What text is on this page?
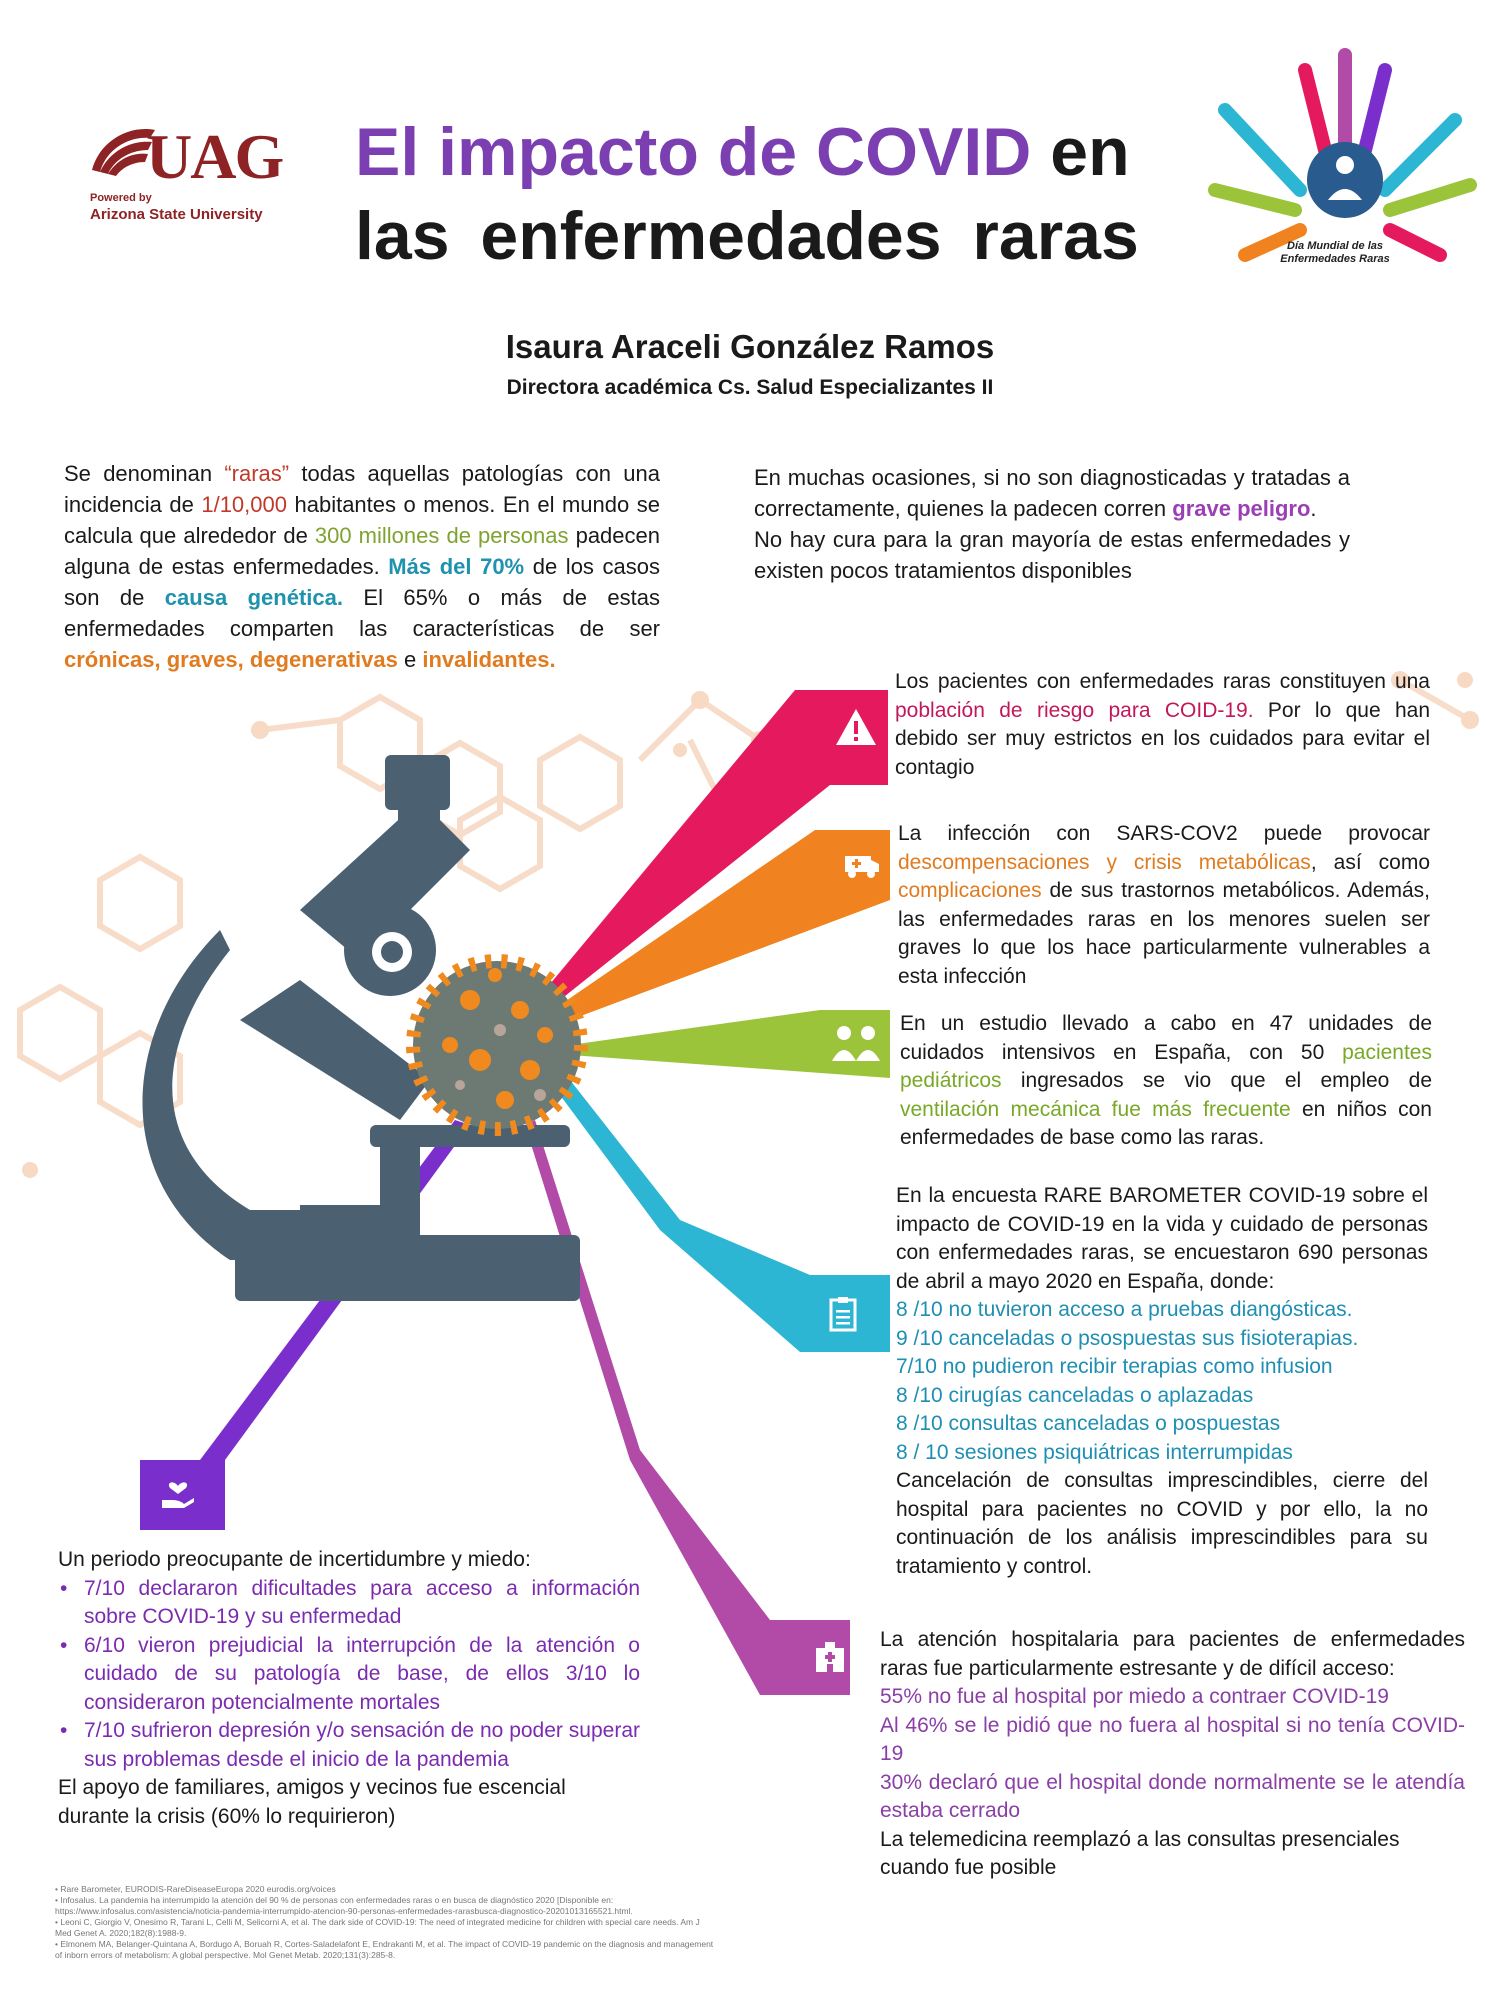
UAG
Powered by
Arizona State University
El impacto de COVID en
las enfermedades raras	Día Mundial de las
Enfermedades Raras
Isaura Araceli González Ramos
Directora académica Cs. Salud Especializantes II
Se denominan “raras” todas aquellas patologías con una incidencia de 1/10,000 habitantes o menos. En el mundo se calcula que alrededor de 300 millones de personas padecen alguna de estas enfermedades. Más del 70% de los casos son de causa genética. El 65% o más de estas enfermedades comparten las características de ser crónicas, graves, degenerativas e invalidantes.
En muchas ocasiones, si no son diagnosticadas y tratadas a correctamente, quienes la padecen corren grave peligro.
No hay cura para la gran mayoría de estas enfermedades y existen pocos tratamientos disponibles
Los pacientes con enfermedades raras constituyen una población de riesgo para COID-19. Por lo que han debido ser muy estrictos en los cuidados para evitar el contagio
La infección con SARS-COV2 puede provocar descompensaciones y crisis metabólicas, así como complicaciones de sus trastornos metabólicos. Además, las enfermedades raras en los menores suelen ser graves lo que los hace particularmente vulnerables a esta infección
En un estudio llevado a cabo en 47 unidades de cuidados intensivos en España, con 50 pacientes pediátricos ingresados se vio que el empleo de ventilación mecánica fue más frecuente en niños con enfermedades de base como las raras.
En la encuesta RARE BAROMETER COVID-19 sobre el impacto de COVID-19 en la vida y cuidado de personas con enfermedades raras, se encuestaron 690 personas de abril a mayo 2020 en España, donde:
8 /10 no tuvieron acceso a pruebas diangósticas.
9 /10 canceladas o psospuestas sus fisioterapias.
7/10 no pudieron recibir terapias como infusion
8 /10 cirugías canceladas o aplazadas
8 /10 consultas canceladas o pospuestas
8 / 10 sesiones psiquiátricas interrumpidas
Cancelación de consultas imprescindibles, cierre del hospital para pacientes no COVID y por ello, la no continuación de los análisis imprescindibles para su tratamiento y control.
La atención hospitalaria para pacientes de enfermedades raras fue particularmente estresante y de difícil acceso:
55% no fue al hospital por miedo a contraer COVID-19
Al 46% se le pidió que no fuera al hospital si no tenía COVID-19
30% declaró que el hospital donde normalmente se le atendía estaba cerrado
La telemedicina reemplazó a las consultas presenciales cuando fue posible
Un periodo preocupante de incertidumbre y miedo:
• 7/10 declararon dificultades para acceso a información sobre COVID-19 y su enfermedad
• 6/10 vieron prejudicial la interrupción de la atención o cuidado de su patología de base, de ellos 3/10 lo consideraron potencialmente mortales
• 7/10 sufrieron depresión y/o sensación de no poder superar sus problemas desde el inicio de la pandemia
El apoyo de familiares, amigos y vecinos fue escencial durante la crisis (60% lo requirieron)
• Rare Barometer, EURODIS-RareDiseaseEuropa 2020 eurodis.org/voices
• Infosalus. La pandemia ha interrumpido la atención del 90 % de personas con enfermedades raras o en busca de diagnóstico 2020 [Disponible en: https://www.infosalus.com/asistencia/noticia-pandemia-interrumpido-atencion-90-personas-enfermedades-rarasbusca-diagnostico-20201013165521.html.
• Leoni C, Giorgio V, Onesimo R, Tarani L, Celli M, Selicorni A, et al. The dark side of COVID-19: The need of integrated medicine for children with special care needs. Am J Med Genet A. 2020;182(8):1988-9.
• Elmonem MA, Belanger-Quintana A, Bordugo A, Boruah R, Cortes-Saladelafont E, Endrakanti M, et al. The impact of COVID-19 pandemic on the diagnosis and management of inborn errors of metabolism: A global perspective. Mol Genet Metab. 2020;131(3):285-8.
